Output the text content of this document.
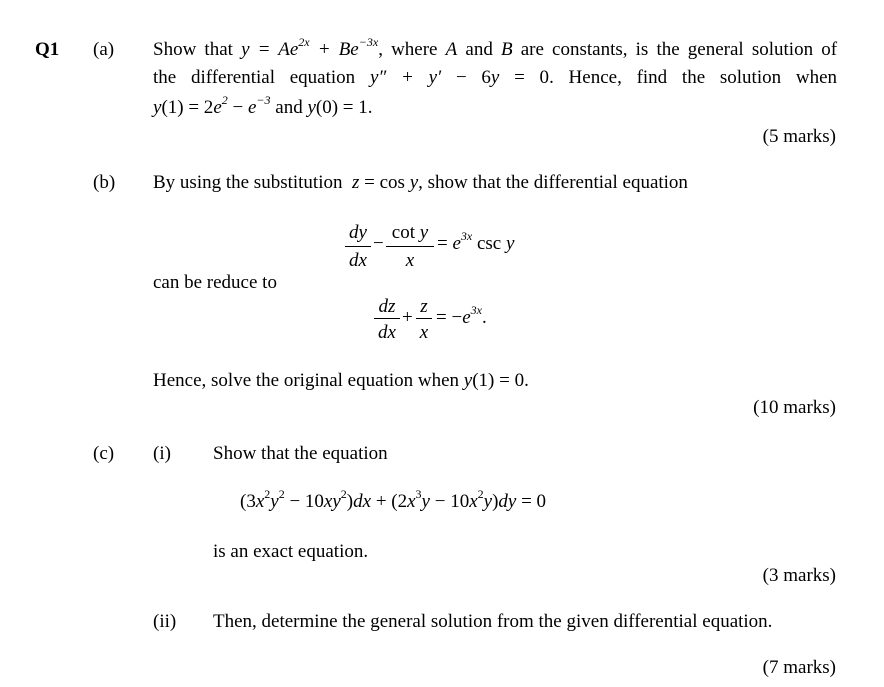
Q1 (a) Show that $y = Ae^{2x} + Be^{-3x}$, where A and B are constants, is the general solution of
the differential equation y″ + y′ − 6y = 0. Hence, find the solution when
$y(1) = 2e^2 - e^{-3}$ and y(0) = 1.
(5 marks)
(b) By using the substitution  z = cos y, show that the differential equation
dy
dx
−
cot y
x
= $e^{3x}$ csc y
can be reduce to
dz
dx
+
z
x
= $-e^{3x}$.
Hence, solve the original equation when y(1) = 0.
(10 marks)
(c) (i) Show that the equation
$(3x^2y^2 - 10xy^2)dx + (2x^3y - 10x^2y)dy = 0$
is an exact equation.
(3 marks)
(ii) Then, determine the general solution from the given differential equation.
(7 marks)
